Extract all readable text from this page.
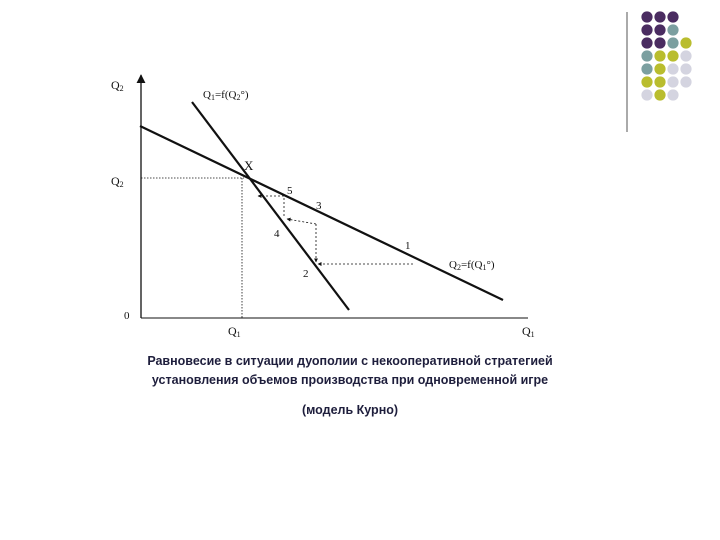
$Q_2$
$Q_2$
0
$Q_1$	$Q_1$
$Q_1=f(Q_2^\circ)$
$Q_2=f(Q_1^\circ)$
X
1
2
3
4
5
Равновесие в ситуации дуополии с некооперативной стратегией
установления объемов производства при одновременной игре
(модель Курно)
